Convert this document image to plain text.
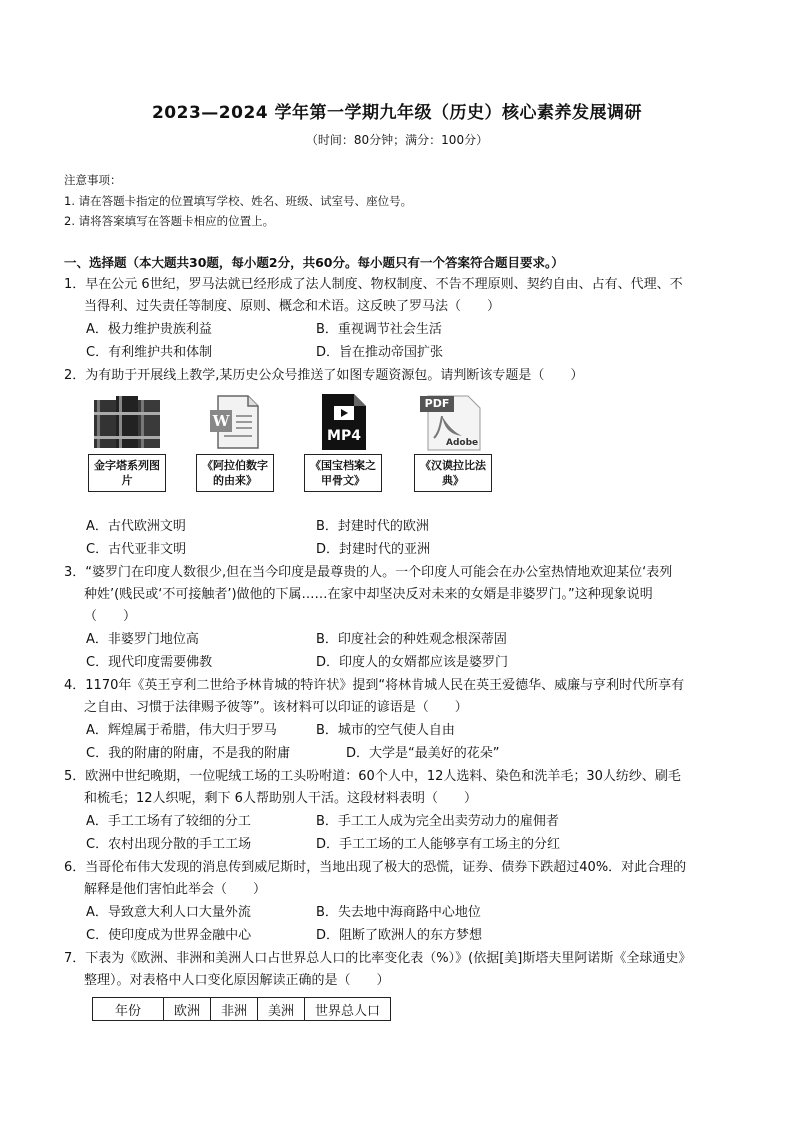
2023—2024 学年第一学期九年级（历史）核心素养发展调研
（时间：80分钟；满分：100分）
注意事项：
1. 请在答题卡指定的位置填写学校、姓名、班级、试室号、座位号。
2. 请将答案填写在答题卡相应的位置上。
一、选择题（本大题共30题，每小题2分，共60分。每小题只有一个答案符合题目要求。）
1．早在公元 6世纪，罗马法就已经形成了法人制度、物权制度、不告不理原则、契约自由、占有、代理、不
当得利、过失责任等制度、原则、概念和术语。这反映了罗马法（　　）
A．极力维护贵族利益	B．重视调节社会生活
C．有利维护共和体制	D．旨在推动帝国扩张
2．为有助于开展线上教学,某历史公众号推送了如图专题资源包。请判断该专题是（　　）
金字塔系列图片
W
《阿拉伯数字的由来》
MP4
《国宝档案之甲骨文》
PDF
Adobe
《汉谟拉比法典》
A．古代欧洲文明	B．封建时代的欧洲
C．古代亚非文明	D．封建时代的亚洲
3．“婆罗门在印度人数很少,但在当今印度是最尊贵的人。一个印度人可能会在办公室热情地欢迎某位‘表列
种姓’(贱民或‘不可接触者’)做他的下属……在家中却坚决反对未来的女婿是非婆罗门。”这种现象说明
（　　）
A．非婆罗门地位高	B．印度社会的种姓观念根深蒂固
C．现代印度需要佛教	D．印度人的女婿都应该是婆罗门
4．1170年《英王亨利二世给予林肯城的特许状》提到“将林肯城人民在英王爱德华、威廉与亨利时代所享有
之自由、习惯于法律赐予彼等”。该材料可以印证的谚语是（　　）
A．辉煌属于希腊，伟大归于罗马	B．城市的空气使人自由
C．我的附庸的附庸，不是我的附庸	D．大学是“最美好的花朵”
5．欧洲中世纪晚期，一位呢绒工场的工头吩咐道：60个人中，12人选料、染色和洗羊毛；30人纺纱、刷毛
和梳毛；12人织呢，剩下 6人帮助别人干活。这段材料表明（　　）
A．手工工场有了较细的分工	B．手工工人成为完全出卖劳动力的雇佣者
C．农村出现分散的手工工场	D．手工工场的工人能够享有工场主的分红
6．当哥伦布伟大发现的消息传到威尼斯时，当地出现了极大的恐慌，证券、债券下跌超过40%．对此合理的
解释是他们害怕此举会（　　）
A．导致意大利人口大量外流	B．失去地中海商路中心地位
C．使印度成为世界金融中心	D．阻断了欧洲人的东方梦想
7．下表为《欧洲、非洲和美洲人口占世界总人口的比率变化表（%）》(依据[美]斯塔夫里阿诺斯《全球通史》
整理）。对表格中人口变化原因解读正确的是（　　）
年份	欧洲	非洲	美洲	世界总人口
